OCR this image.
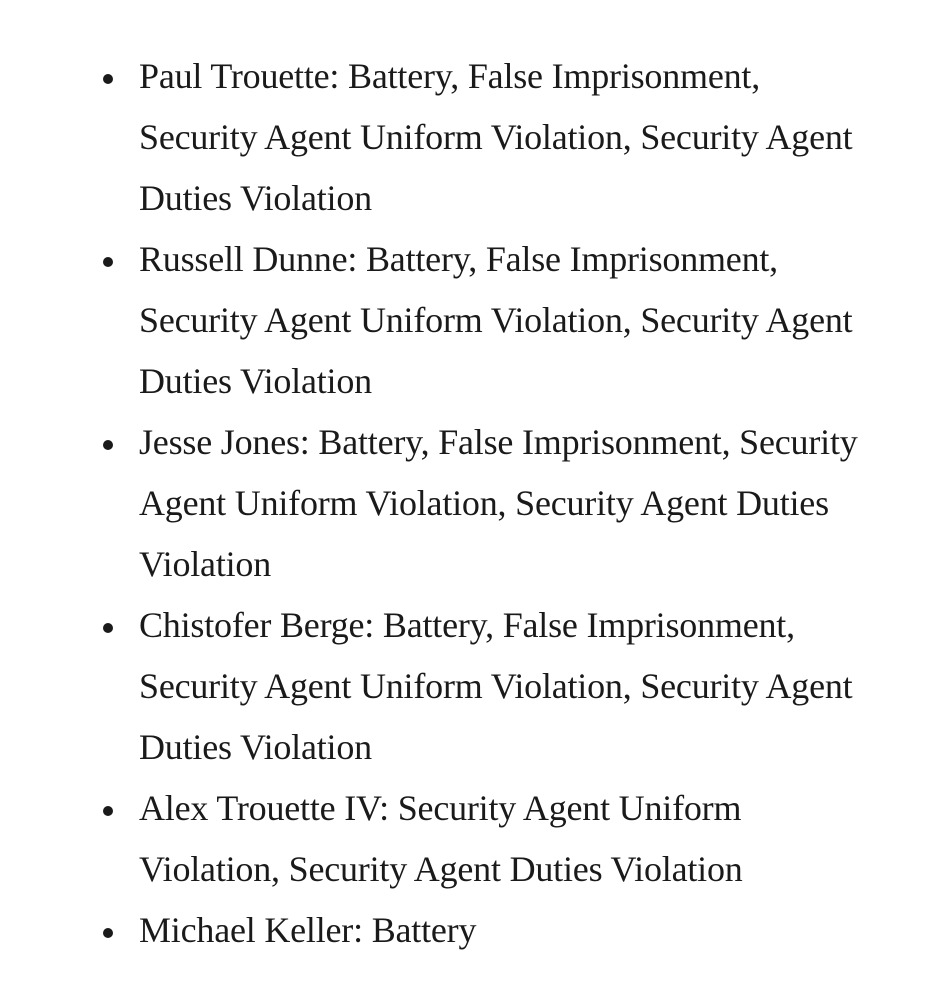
Paul Trouette: Battery, False Imprisonment, Security Agent Uniform Violation, Security Agent Duties Violation
Russell Dunne: Battery, False Imprisonment, Security Agent Uniform Violation, Security Agent Duties Violation
Jesse Jones: Battery, False Imprisonment, Security Agent Uniform Violation, Security Agent Duties Violation
Chistofer Berge: Battery, False Imprisonment, Security Agent Uniform Violation, Security Agent Duties Violation
Alex Trouette IV: Security Agent Uniform Violation, Security Agent Duties Violation
Michael Keller: Battery
